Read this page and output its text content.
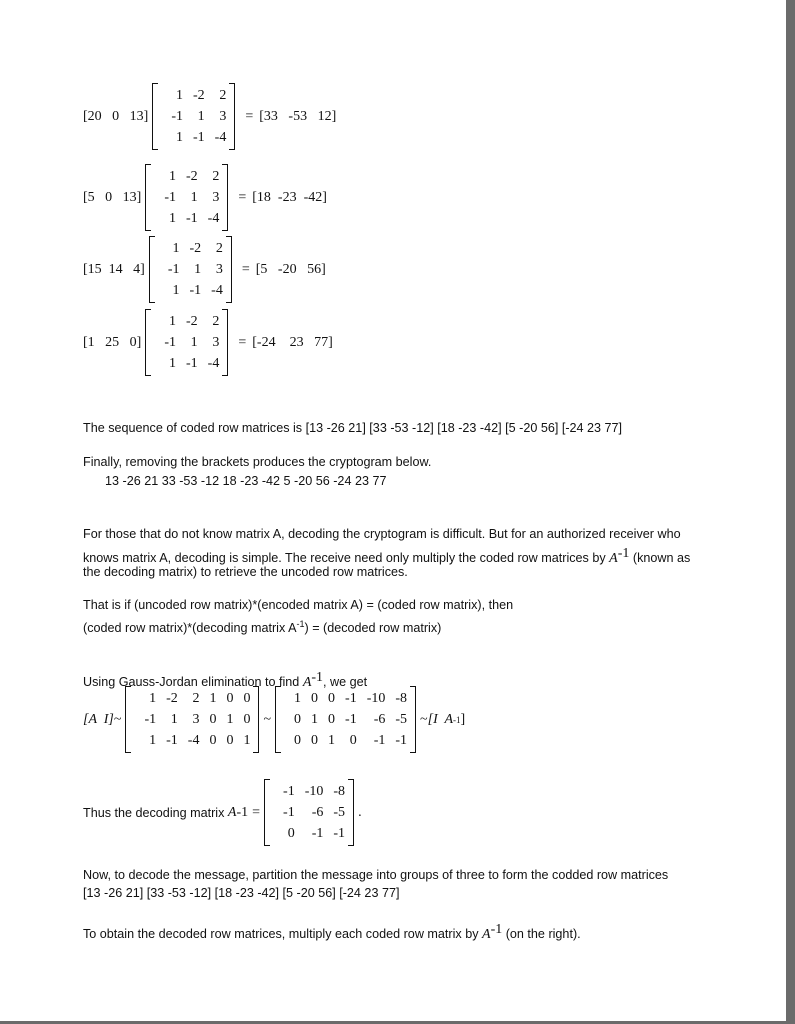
[20   0   13]
1 -2	2
-1	1	3
1 -1 -4
= [33   -53   12]
[5   0   13]
1 -2	2
-1	1	3
1 -1 -4
= [18  -23  -42]
[15  14   4]
1 -2	2
-1	1	3
1 -1 -4
= [5   -20   56]
[1   25   0]
1 -2	2
-1	1	3
1 -1 -4
= [-24    23   77]
The sequence of coded row matrices is [13 -26 21] [33 -53 -12] [18 -23 -42] [5 -20 56] [-24 23 77]
Finally, removing the brackets produces the cryptogram below.
13 -26 21 33 -53 -12 18 -23 -42 5 -20 56 -24 23 77
For those that do not know matrix A, decoding the cryptogram is difficult. But for an authorized receiver who
knows matrix A, decoding is simple. The receive need only multiply the coded row matrices by $A^{-1}$ (known as
the decoding matrix) to retrieve the uncoded row matrices.
That is if (uncoded row matrix)*(encoded matrix A) = (coded row matrix), then
(coded row matrix)*(decoding matrix $A^{-1}$) = (decoded row matrix)
Using Gauss-Jordan elimination to find $A^{-1}$, we get
[A  I] ~
1 -2	2 1 0 0
-1	1	3 0 1 0
1 -1 -4 0 0 1
~
1 0 0 -1 -10 -8
0 1 0 -1	-6 -5
0 0 1	0	-1 -1
~ [I  A -1 ]
Thus the decoding matrix A -1 =
-1 -10 -8
-1	-6 -5
0	-1 -1
.
Now, to decode the message, partition the message into groups of three to form the codded row matrices
[13 -26 21] [33 -53 -12] [18 -23 -42] [5 -20 56] [-24 23 77]
To obtain the decoded row matrices, multiply each coded row matrix by $A^{-1}$ (on the right).
